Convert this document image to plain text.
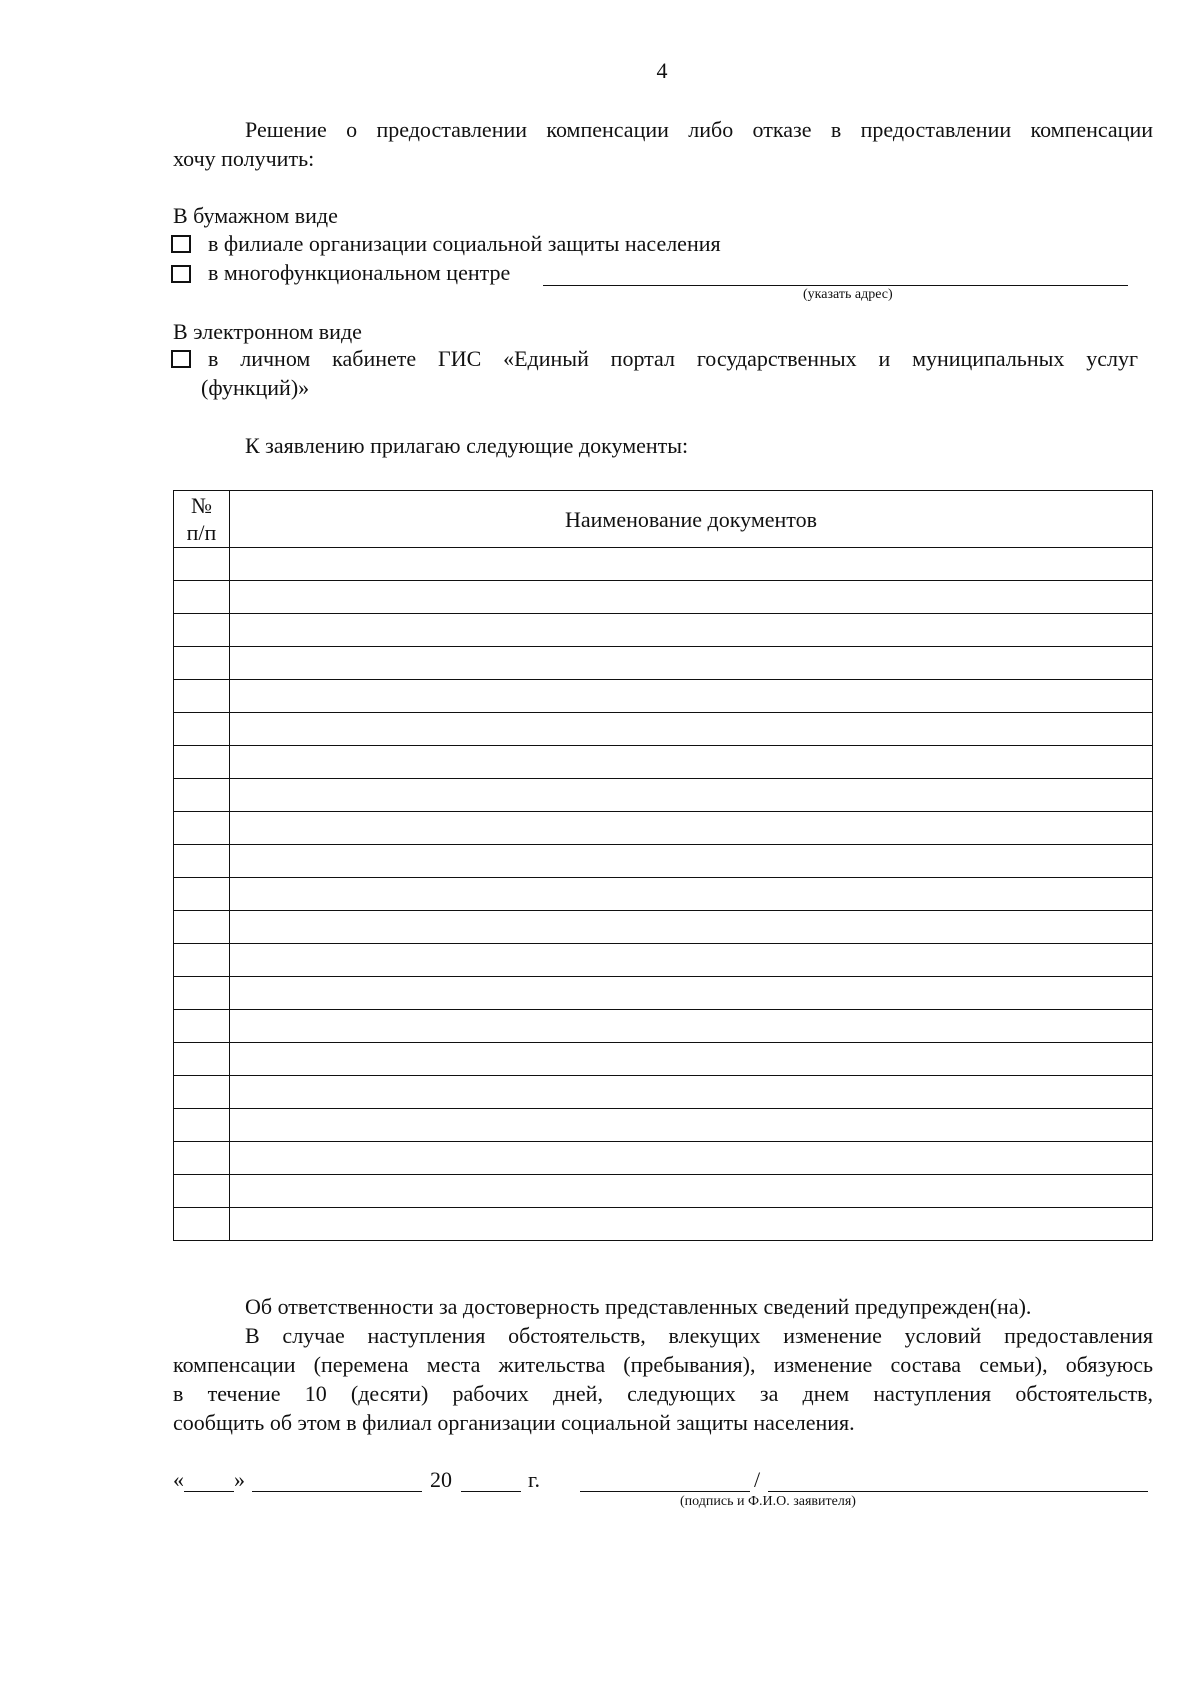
4
Решение о предоставлении компенсации либо отказе в предоставлении компенсации
хочу получить:
В бумажном виде
в филиале организации социальной защиты населения
в многофункциональном центре
(указать адрес)
В электронном виде
в личном кабинете ГИС «Единый портал государственных и муниципальных услуг
(функций)»
К заявлению прилагаю следующие документы:
№
п/п	Наименование документов

Об ответственности за достоверность представленных сведений предупрежден(на).
В случае наступления обстоятельств, влекущих изменение условий предоставления
компенсации (перемена места жительства (пребывания), изменение состава семьи), обязуюсь
в течение 10 (десяти) рабочих дней, следующих за днем наступления обстоятельств,
сообщить об этом в филиал организации социальной защиты населения.
« »	20	г.	/
(подпись и Ф.И.О. заявителя)
